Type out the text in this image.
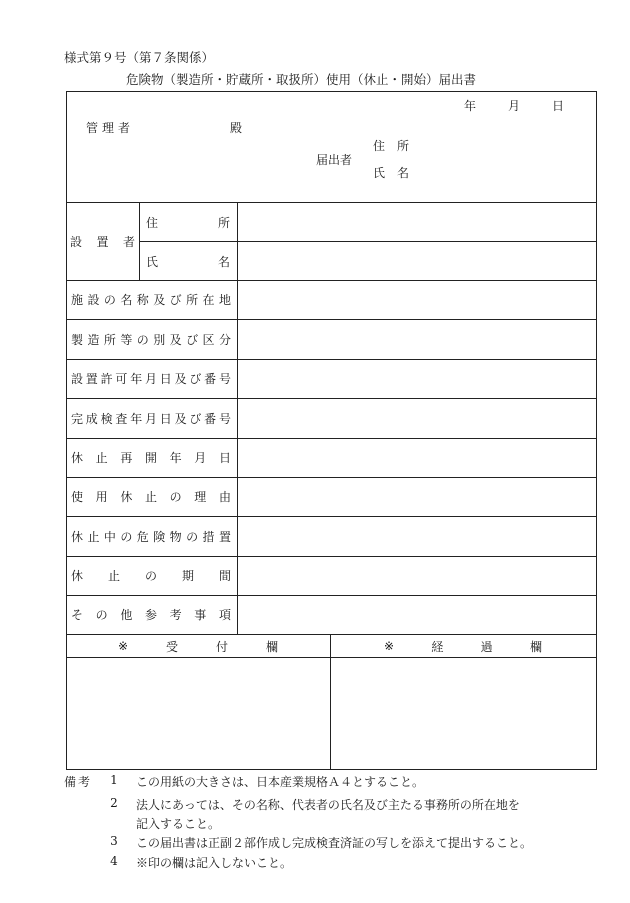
様式第９号（第７条関係）
危険物（製造所・貯蔵所・取扱所）使用（休止・開始）届出書
年	月	日
管理者	殿
届出者
住　所
氏　名
設 置 者
住	所
氏	名
施 設 の 名 称 及 び 所 在 地
製 造 所 等 の 別 及 び 区 分
設 置 許 可 年 月 日 及 び 番 号
完 成 検 査 年 月 日 及 び 番 号
休 止 再 開 年 月 日
使 用 休 止 の 理 由
休 止 中 の 危 険 物 の 措 置
休 止 の 期 間
そ の 他 参 考 事 項
※	受	付	欄	※	経	過	欄
備考 1 この用紙の大きさは、日本産業規格Ａ４とすること。
2 法人にあっては、その名称、代表者の氏名及び主たる事務所の所在地を
記入すること。
3 この届出書は正副２部作成し完成検査済証の写しを添えて提出すること。
4 ※印の欄は記入しないこと。
